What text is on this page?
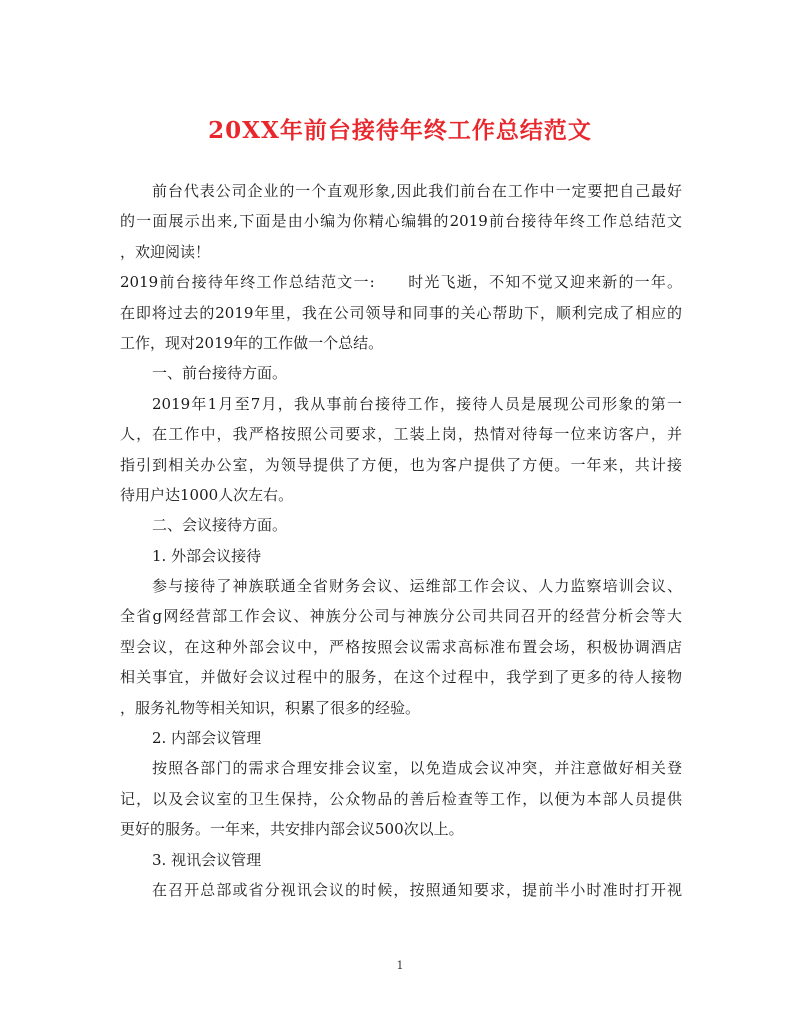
20XX年前台接待年终工作总结范文
前台代表公司企业的一个直观形象,因此我们前台在工作中一定要把自己最好
的一面展示出来,下面是由小编为你精心编辑的2019前台接待年终工作总结范文
，欢迎阅读！
2019前台接待年终工作总结范文一:　　时光飞逝，不知不觉又迎来新的一年。
在即将过去的2019年里，我在公司领导和同事的关心帮助下，顺利完成了相应的
工作，现对2019年的工作做一个总结。
一、前台接待方面。
2019年1月至7月，我从事前台接待工作，接待人员是展现公司形象的第一
人，在工作中，我严格按照公司要求，工装上岗，热情对待每一位来访客户，并
指引到相关办公室，为领导提供了方便，也为客户提供了方便。一年来，共计接
待用户达1000人次左右。
二、会议接待方面。
1. 外部会议接待
参与接待了神族联通全省财务会议、运维部工作会议、人力监察培训会议、
全省g网经营部工作会议、神族分公司与神族分公司共同召开的经营分析会等大
型会议，在这种外部会议中，严格按照会议需求高标准布置会场，积极协调酒店
相关事宜，并做好会议过程中的服务，在这个过程中，我学到了更多的待人接物
，服务礼物等相关知识，积累了很多的经验。
2. 内部会议管理
按照各部门的需求合理安排会议室，以免造成会议冲突，并注意做好相关登
记，以及会议室的卫生保持，公众物品的善后检查等工作，以便为本部人员提供
更好的服务。一年来，共安排内部会议500次以上。
3. 视讯会议管理
在召开总部或省分视讯会议的时候，按照通知要求，提前半小时准时打开视
1
